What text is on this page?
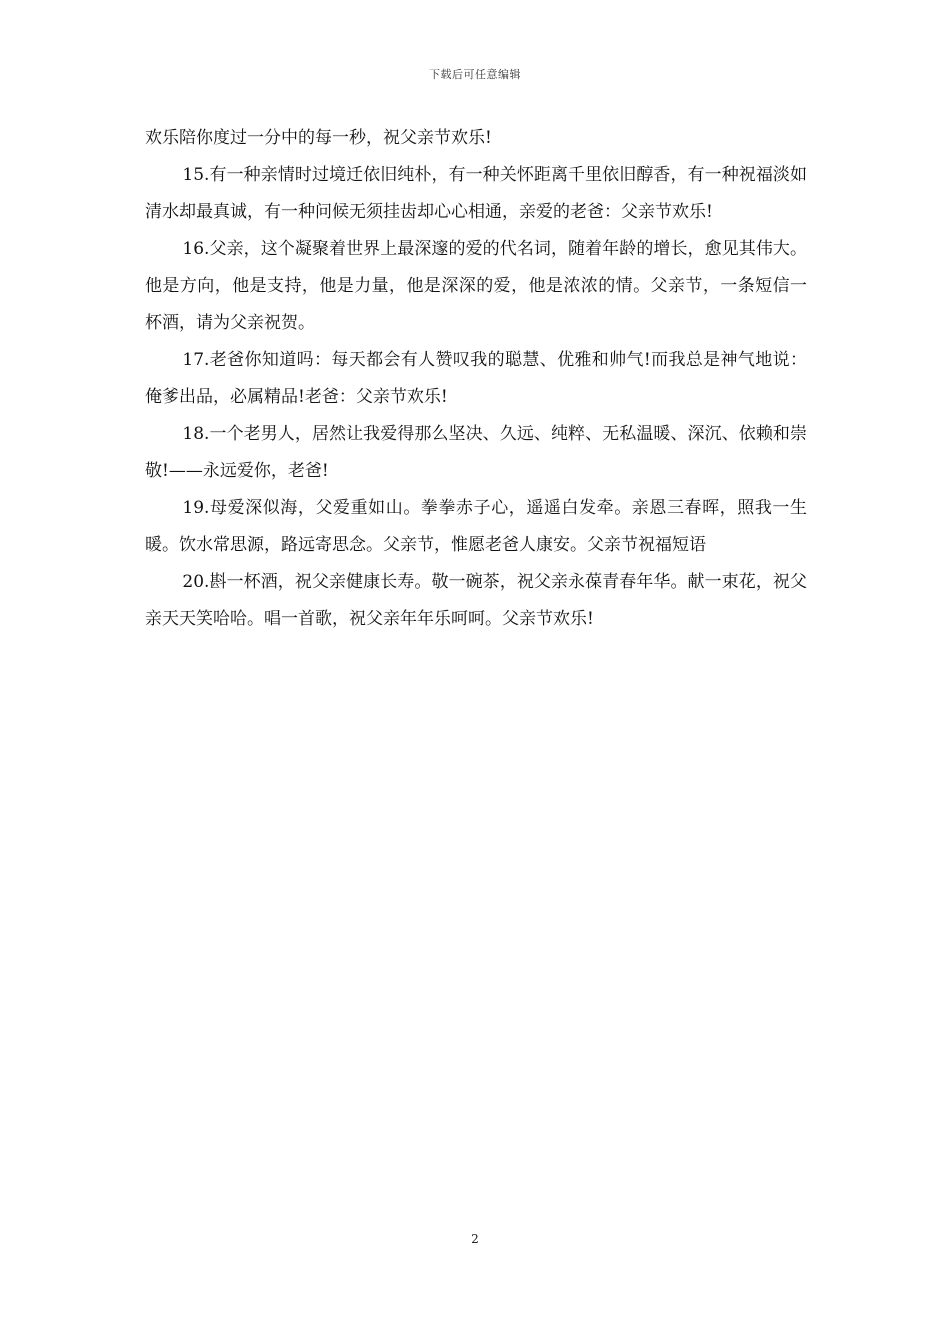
下载后可任意编辑

欢乐陪你度过一分中的每一秒，祝父亲节欢乐!

15.有一种亲情时过境迁依旧纯朴，有一种关怀距离千里依旧醇香，有一种祝福淡如清水却最真诚，有一种问候无须挂齿却心心相通，亲爱的老爸：父亲节欢乐!

16.父亲，这个凝聚着世界上最深邃的爱的代名词，随着年龄的增长，愈见其伟大。他是方向，他是支持，他是力量，他是深深的爱，他是浓浓的情。父亲节，一条短信一杯酒，请为父亲祝贺。

17.老爸你知道吗：每天都会有人赞叹我的聪慧、优雅和帅气!而我总是神气地说：俺爹出品，必属精品!老爸：父亲节欢乐!

18.一个老男人，居然让我爱得那么坚决、久远、纯粹、无私温暖、深沉、依赖和崇敬!——永远爱你，老爸!

19.母爱深似海，父爱重如山。拳拳赤子心，遥遥白发牵。亲恩三春晖，照我一生暖。饮水常思源，路远寄思念。父亲节，惟愿老爸人康安。父亲节祝福短语

20.斟一杯酒，祝父亲健康长寿。敬一碗茶，祝父亲永葆青春年华。献一束花，祝父亲天天笑哈哈。唱一首歌，祝父亲年年乐呵呵。父亲节欢乐!

2
